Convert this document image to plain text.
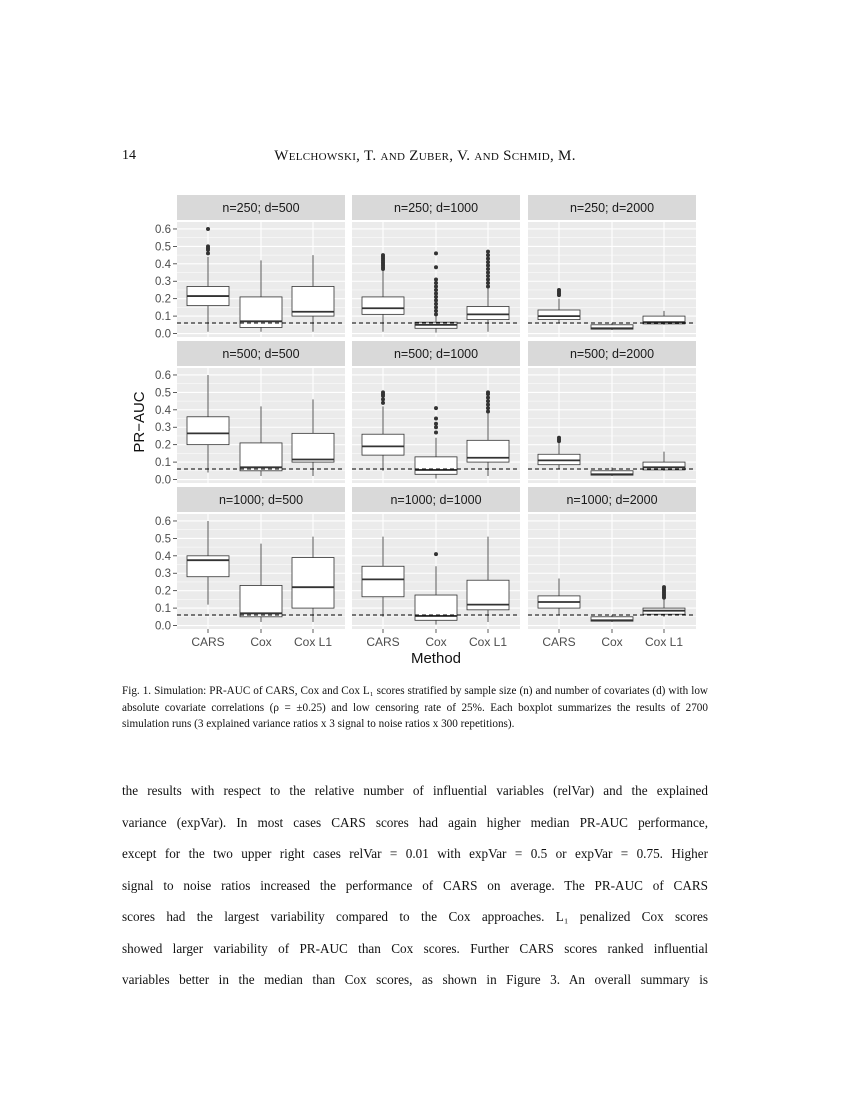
14	Welchowski, T. and Zuber, V. and Schmid, M.
n=250; d=500
0.0
0.1
0.2
0.3
0.4
0.5
0.6
n=250; d=1000	n=250; d=2000
n=500; d=500
0.0
0.1
0.2
0.3
0.4
0.5
0.6
n=500; d=1000	n=500; d=2000
n=1000; d=500
0.0
0.1
0.2
0.3
0.4
0.5
0.6
CARS Cox Cox L1
n=1000; d=1000
CARS Cox Cox L1
n=1000; d=2000
CARS Cox Cox L1
Method
PR−AUC
Fig. 1. Simulation: PR-AUC of CARS, Cox and Cox L₁ scores stratified by sample size (n) and number of covariates (d) with low absolute covariate correlations (ρ = ±0.25) and low censoring rate of 25%. Each boxplot summarizes the results of 2700 simulation runs (3 explained variance ratios x 3 signal to noise ratios x 300 repetitions).
the results with respect to the relative number of influential variables (relVar) and the explained
variance (expVar). In most cases CARS scores had again higher median PR-AUC performance,
except for the two upper right cases relVar = 0.01 with expVar = 0.5 or expVar = 0.75. Higher
signal to noise ratios increased the performance of CARS on average. The PR-AUC of CARS
scores had the largest variability compared to the Cox approaches. L₁ penalized Cox scores
showed larger variability of PR-AUC than Cox scores. Further CARS scores ranked influential
variables better in the median than Cox scores, as shown in Figure 3. An overall summary is
